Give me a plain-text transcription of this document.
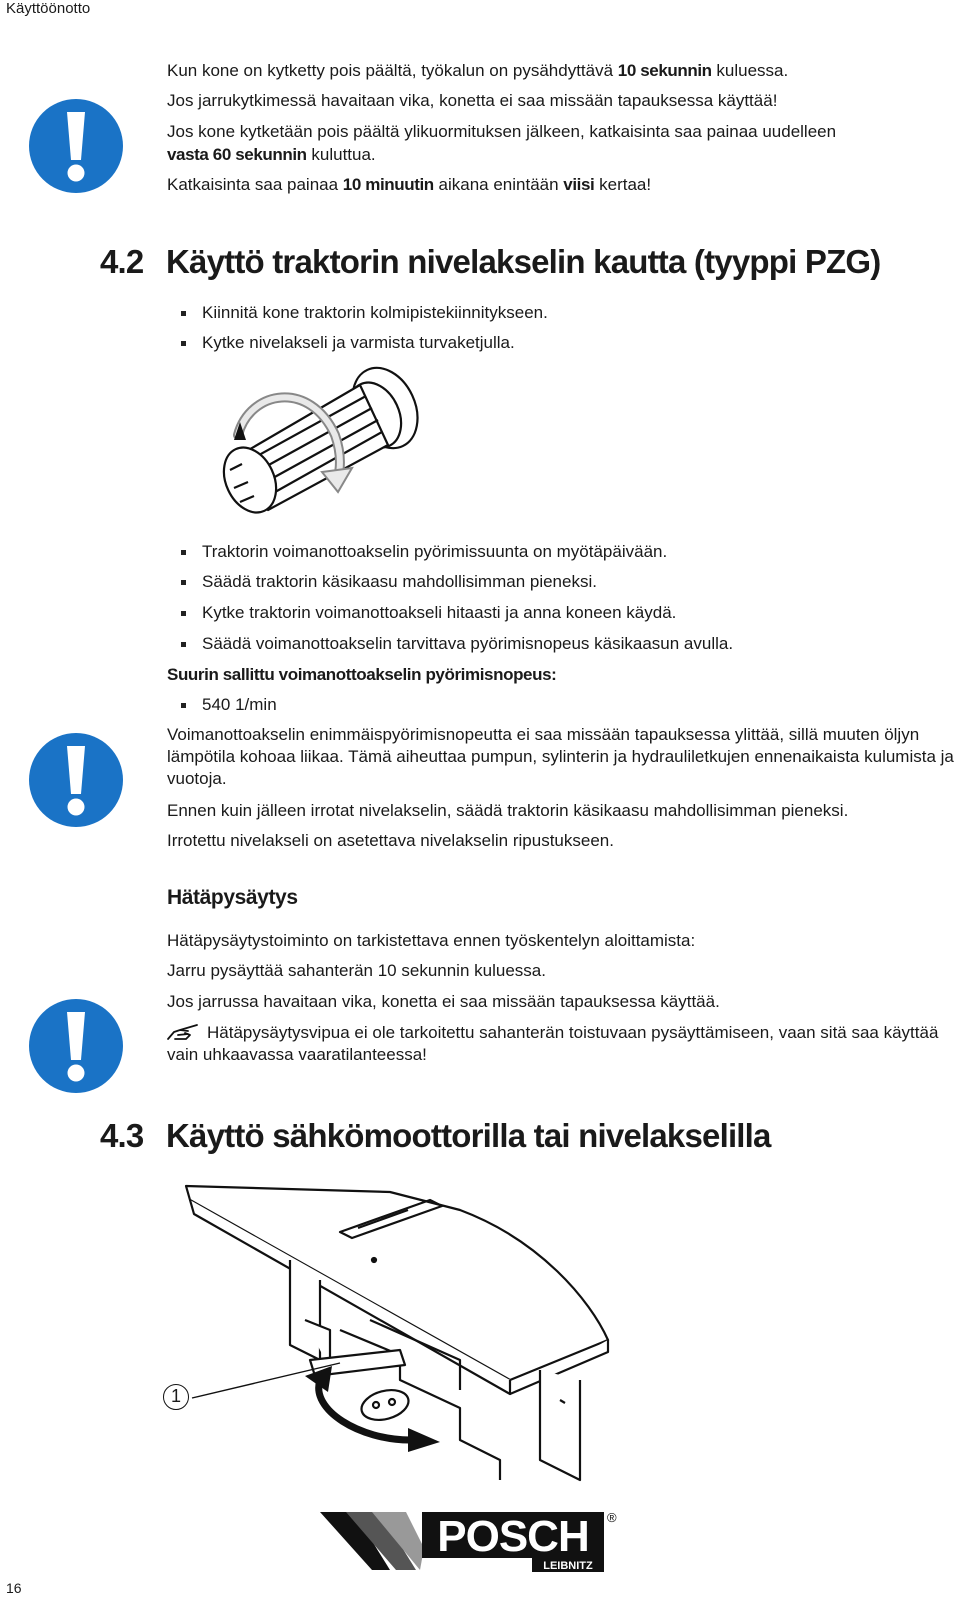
Käyttöönotto
Kun kone on kytketty pois päältä, työkalun on pysähdyttävä 10 sekunnin kuluessa.
Jos jarrukytkimessä havaitaan vika, konetta ei saa missään tapauksessa käyttää!
Jos kone kytketään pois päältä ylikuormituksen jälkeen, katkaisinta saa painaa uudelleen
vasta 60 sekunnin kuluttua.
Katkaisinta saa painaa 10 minuutin aikana enintään viisi kertaa!
4.2 Käyttö traktorin nivelakselin kautta (tyyppi PZG)
Kiinnitä kone traktorin kolmipistekiinnitykseen.
Kytke nivelakseli ja varmista turvaketjulla.
Traktorin voimanottoakselin pyörimissuunta on myötäpäivään.
Säädä traktorin käsikaasu mahdollisimman pieneksi.
Kytke traktorin voimanottoakseli hitaasti ja anna koneen käydä.
Säädä voimanottoakselin tarvittava pyörimisnopeus käsikaasun avulla.
Suurin sallittu voimanottoakselin pyörimisnopeus:
540 1/min
Voimanottoakselin enimmäispyörimisnopeutta ei saa missään tapauksessa ylittää, sillä muuten öljyn lämpötila kohoaa liikaa. Tämä aiheuttaa pumpun, sylinterin ja hydrauliletkujen ennenaikaista kulumista ja vuotoja.
Ennen kuin jälleen irrotat nivelakselin, säädä traktorin käsikaasu mahdollisimman pieneksi.
Irrotettu nivelakseli on asetettava nivelakselin ripustukseen.
Hätäpysäytys
Hätäpysäytystoiminto on tarkistettava ennen työskentelyn aloittamista:
Jarru pysäyttää sahanterän 10 sekunnin kuluessa.
Jos jarrussa havaitaan vika, konetta ei saa missään tapauksessa käyttää.
Hätäpysäytysvipua ei ole tarkoitettu sahanterän toistuvaan pysäyttämiseen, vaan sitä saa käyttää vain uhkaavassa vaaratilanteessa!
4.3 Käyttö sähkömoottorilla tai nivelakselilla
1
POSCH
LEIBNITZ
®
16
